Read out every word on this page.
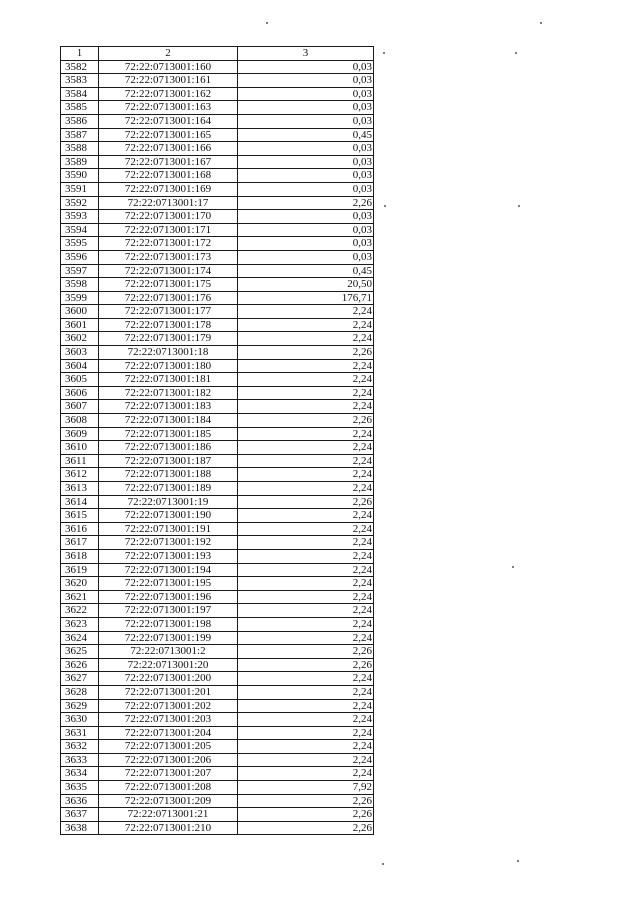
1	2	3
3582	72:22:0713001:160	0,03
3583	72:22:0713001:161	0,03
3584	72:22:0713001:162	0,03
3585	72:22:0713001:163	0,03
3586	72:22:0713001:164	0,03
3587	72:22:0713001:165	0,45
3588	72:22:0713001:166	0,03
3589	72:22:0713001:167	0,03
3590	72:22:0713001:168	0,03
3591	72:22:0713001:169	0,03
3592	72:22:0713001:17	2,26
3593	72:22:0713001:170	0,03
3594	72:22:0713001:171	0,03
3595	72:22:0713001:172	0,03
3596	72:22:0713001:173	0,03
3597	72:22:0713001:174	0,45
3598	72:22:0713001:175	20,50
3599	72:22:0713001:176	176,71
3600	72:22:0713001:177	2,24
3601	72:22:0713001:178	2,24
3602	72:22:0713001:179	2,24
3603	72:22:0713001:18	2,26
3604	72:22:0713001:180	2,24
3605	72:22:0713001:181	2,24
3606	72:22:0713001:182	2,24
3607	72:22:0713001:183	2,24
3608	72:22:0713001:184	2,26
3609	72:22:0713001:185	2,24
3610	72:22:0713001:186	2,24
3611	72:22:0713001:187	2,24
3612	72:22:0713001:188	2,24
3613	72:22:0713001:189	2,24
3614	72:22:0713001:19	2,26
3615	72:22:0713001:190	2,24
3616	72:22:0713001:191	2,24
3617	72:22:0713001:192	2,24
3618	72:22:0713001:193	2,24
3619	72:22:0713001:194	2,24
3620	72:22:0713001:195	2,24
3621	72:22:0713001:196	2,24
3622	72:22:0713001:197	2,24
3623	72:22:0713001:198	2,24
3624	72:22:0713001:199	2,24
3625	72:22:0713001:2	2,26
3626	72:22:0713001:20	2,26
3627	72:22:0713001:200	2,24
3628	72:22:0713001:201	2,24
3629	72:22:0713001:202	2,24
3630	72:22:0713001:203	2,24
3631	72:22:0713001:204	2,24
3632	72:22:0713001:205	2,24
3633	72:22:0713001:206	2,24
3634	72:22:0713001:207	2,24
3635	72:22:0713001:208	7,92
3636	72:22:0713001:209	2,26
3637	72:22:0713001:21	2,26
3638	72:22:0713001:210	2,26
